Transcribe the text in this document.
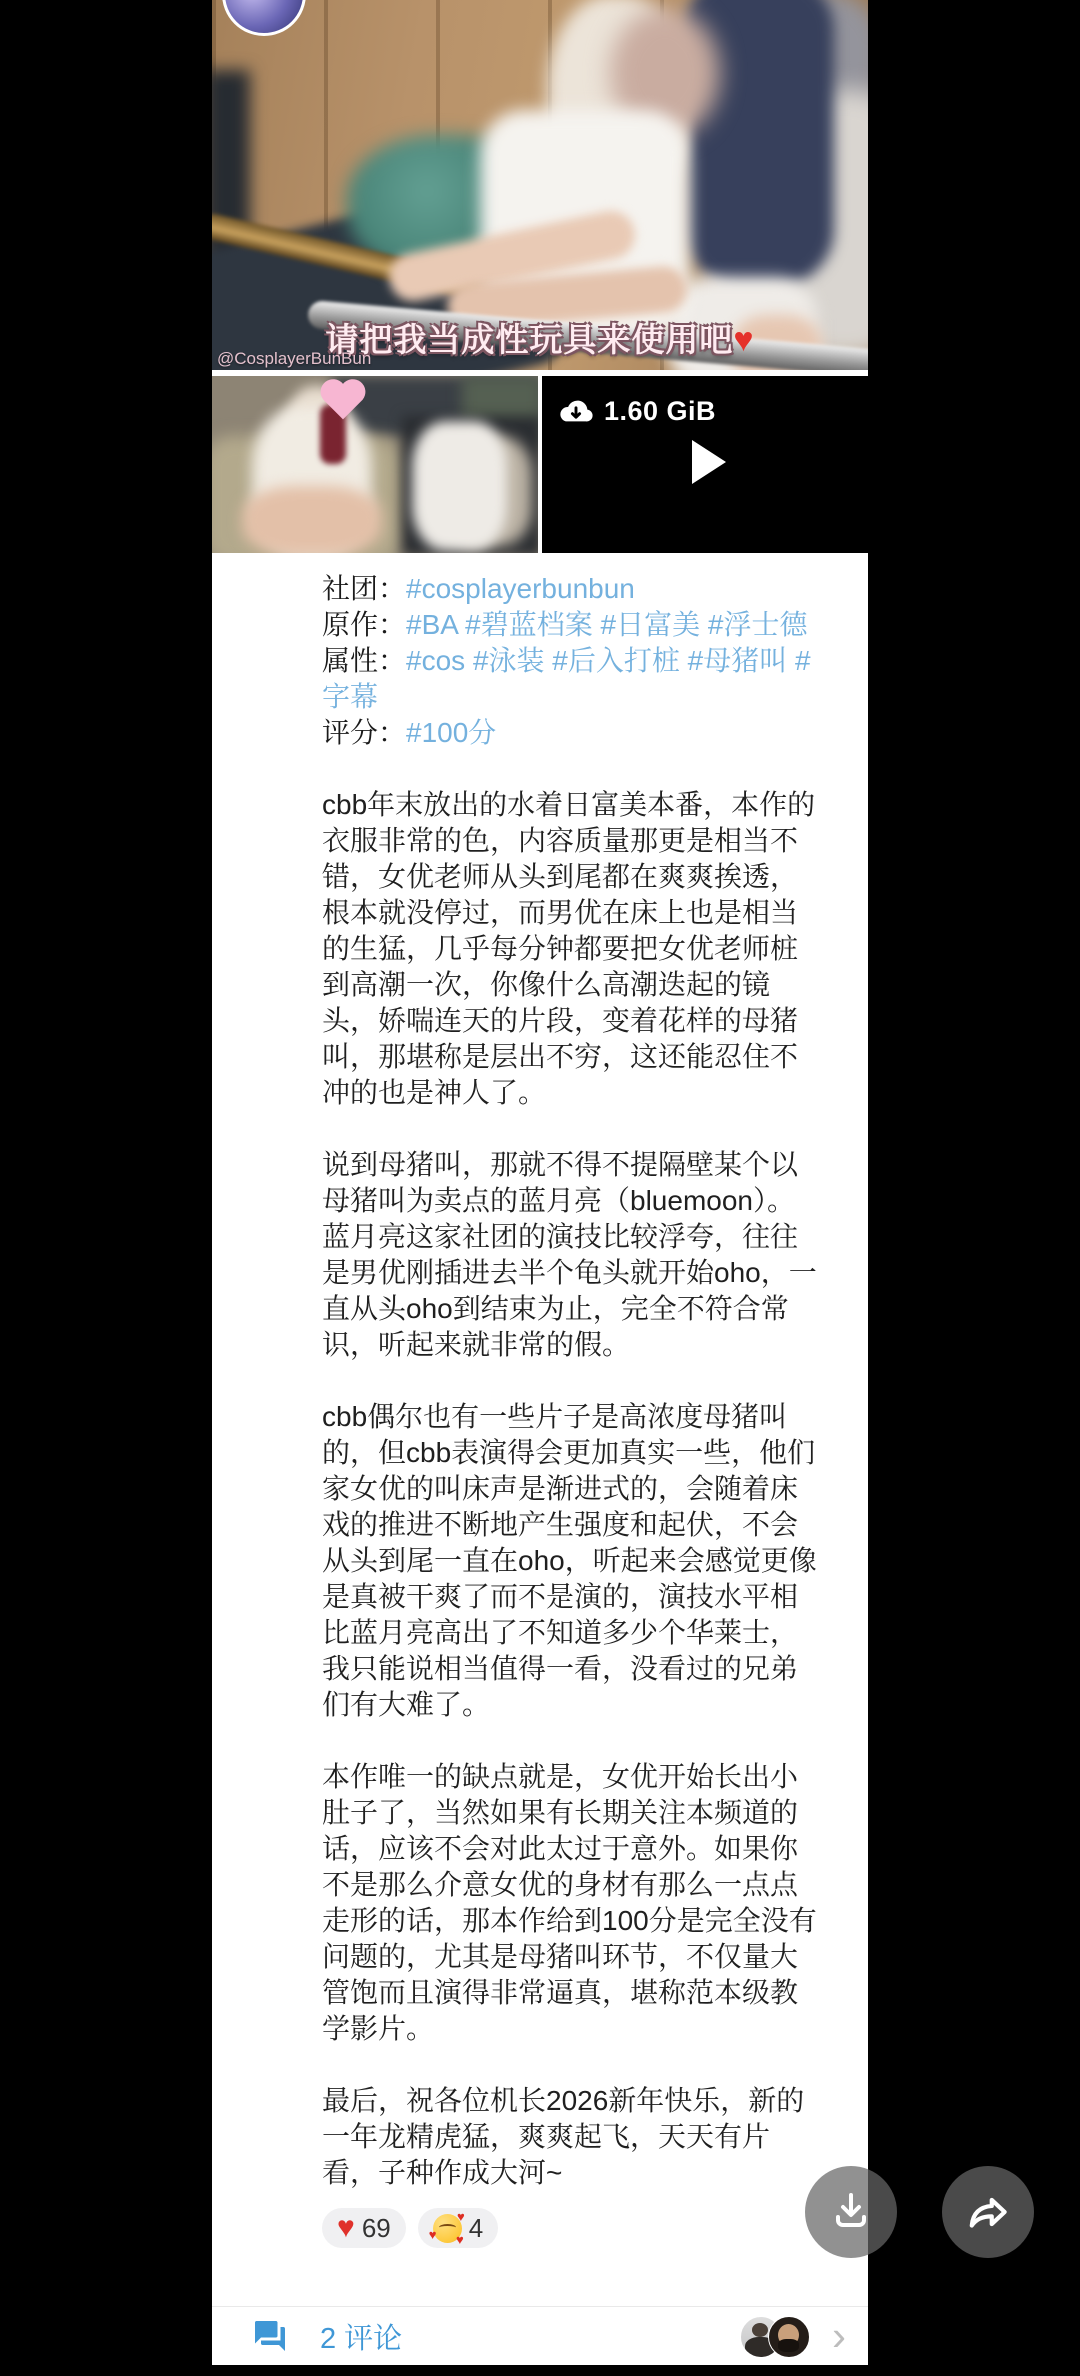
请把我当成性玩具来使用吧♥
@CosplayerBunBun
1.60 GiB
社团：#cosplayerbunbun
原作：#BA #碧蓝档案 #日富美 #浮士德
属性：#cos #泳装 #后入打桩 #母猪叫 #字幕
评分：#100分
cbb年末放出的水着日富美本番，本作的衣服非常的色，内容质量那更是相当不错，女优老师从头到尾都在爽爽挨透，根本就没停过，而男优在床上也是相当的生猛，几乎每分钟都要把女优老师桩到高潮一次，你像什么高潮迭起的镜头，娇喘连天的片段，变着花样的母猪叫，那堪称是层出不穷，这还能忍住不冲的也是神人了。
说到母猪叫，那就不得不提隔壁某个以母猪叫为卖点的蓝月亮（bluemoon）。蓝月亮这家社团的演技比较浮夸，往往是男优刚插进去半个龟头就开始oho，一直从头oho到结束为止，完全不符合常识，听起来就非常的假。
cbb偶尔也有一些片子是高浓度母猪叫的，但cbb表演得会更加真实一些，他们家女优的叫床声是渐进式的，会随着床戏的推进不断地产生强度和起伏，不会从头到尾一直在oho，听起来会感觉更像是真被干爽了而不是演的，演技水平相比蓝月亮高出了不知道多少个华莱士，我只能说相当值得一看，没看过的兄弟们有大难了。
本作唯一的缺点就是，女优开始长出小肚子了，当然如果有长期关注本频道的话，应该不会对此太过于意外。如果你不是那么介意女优的身材有那么一点点走形的话，那本作给到100分是完全没有问题的，尤其是母猪叫环节，不仅量大管饱而且演得非常逼真，堪称范本级教学影片。
最后，祝各位机长2026新年快乐，新的一年龙精虎猛，爽爽起飞，天天有片看，子种作成大河~
♥ 69	♥
♥ ♥ 4
2 评论	›
